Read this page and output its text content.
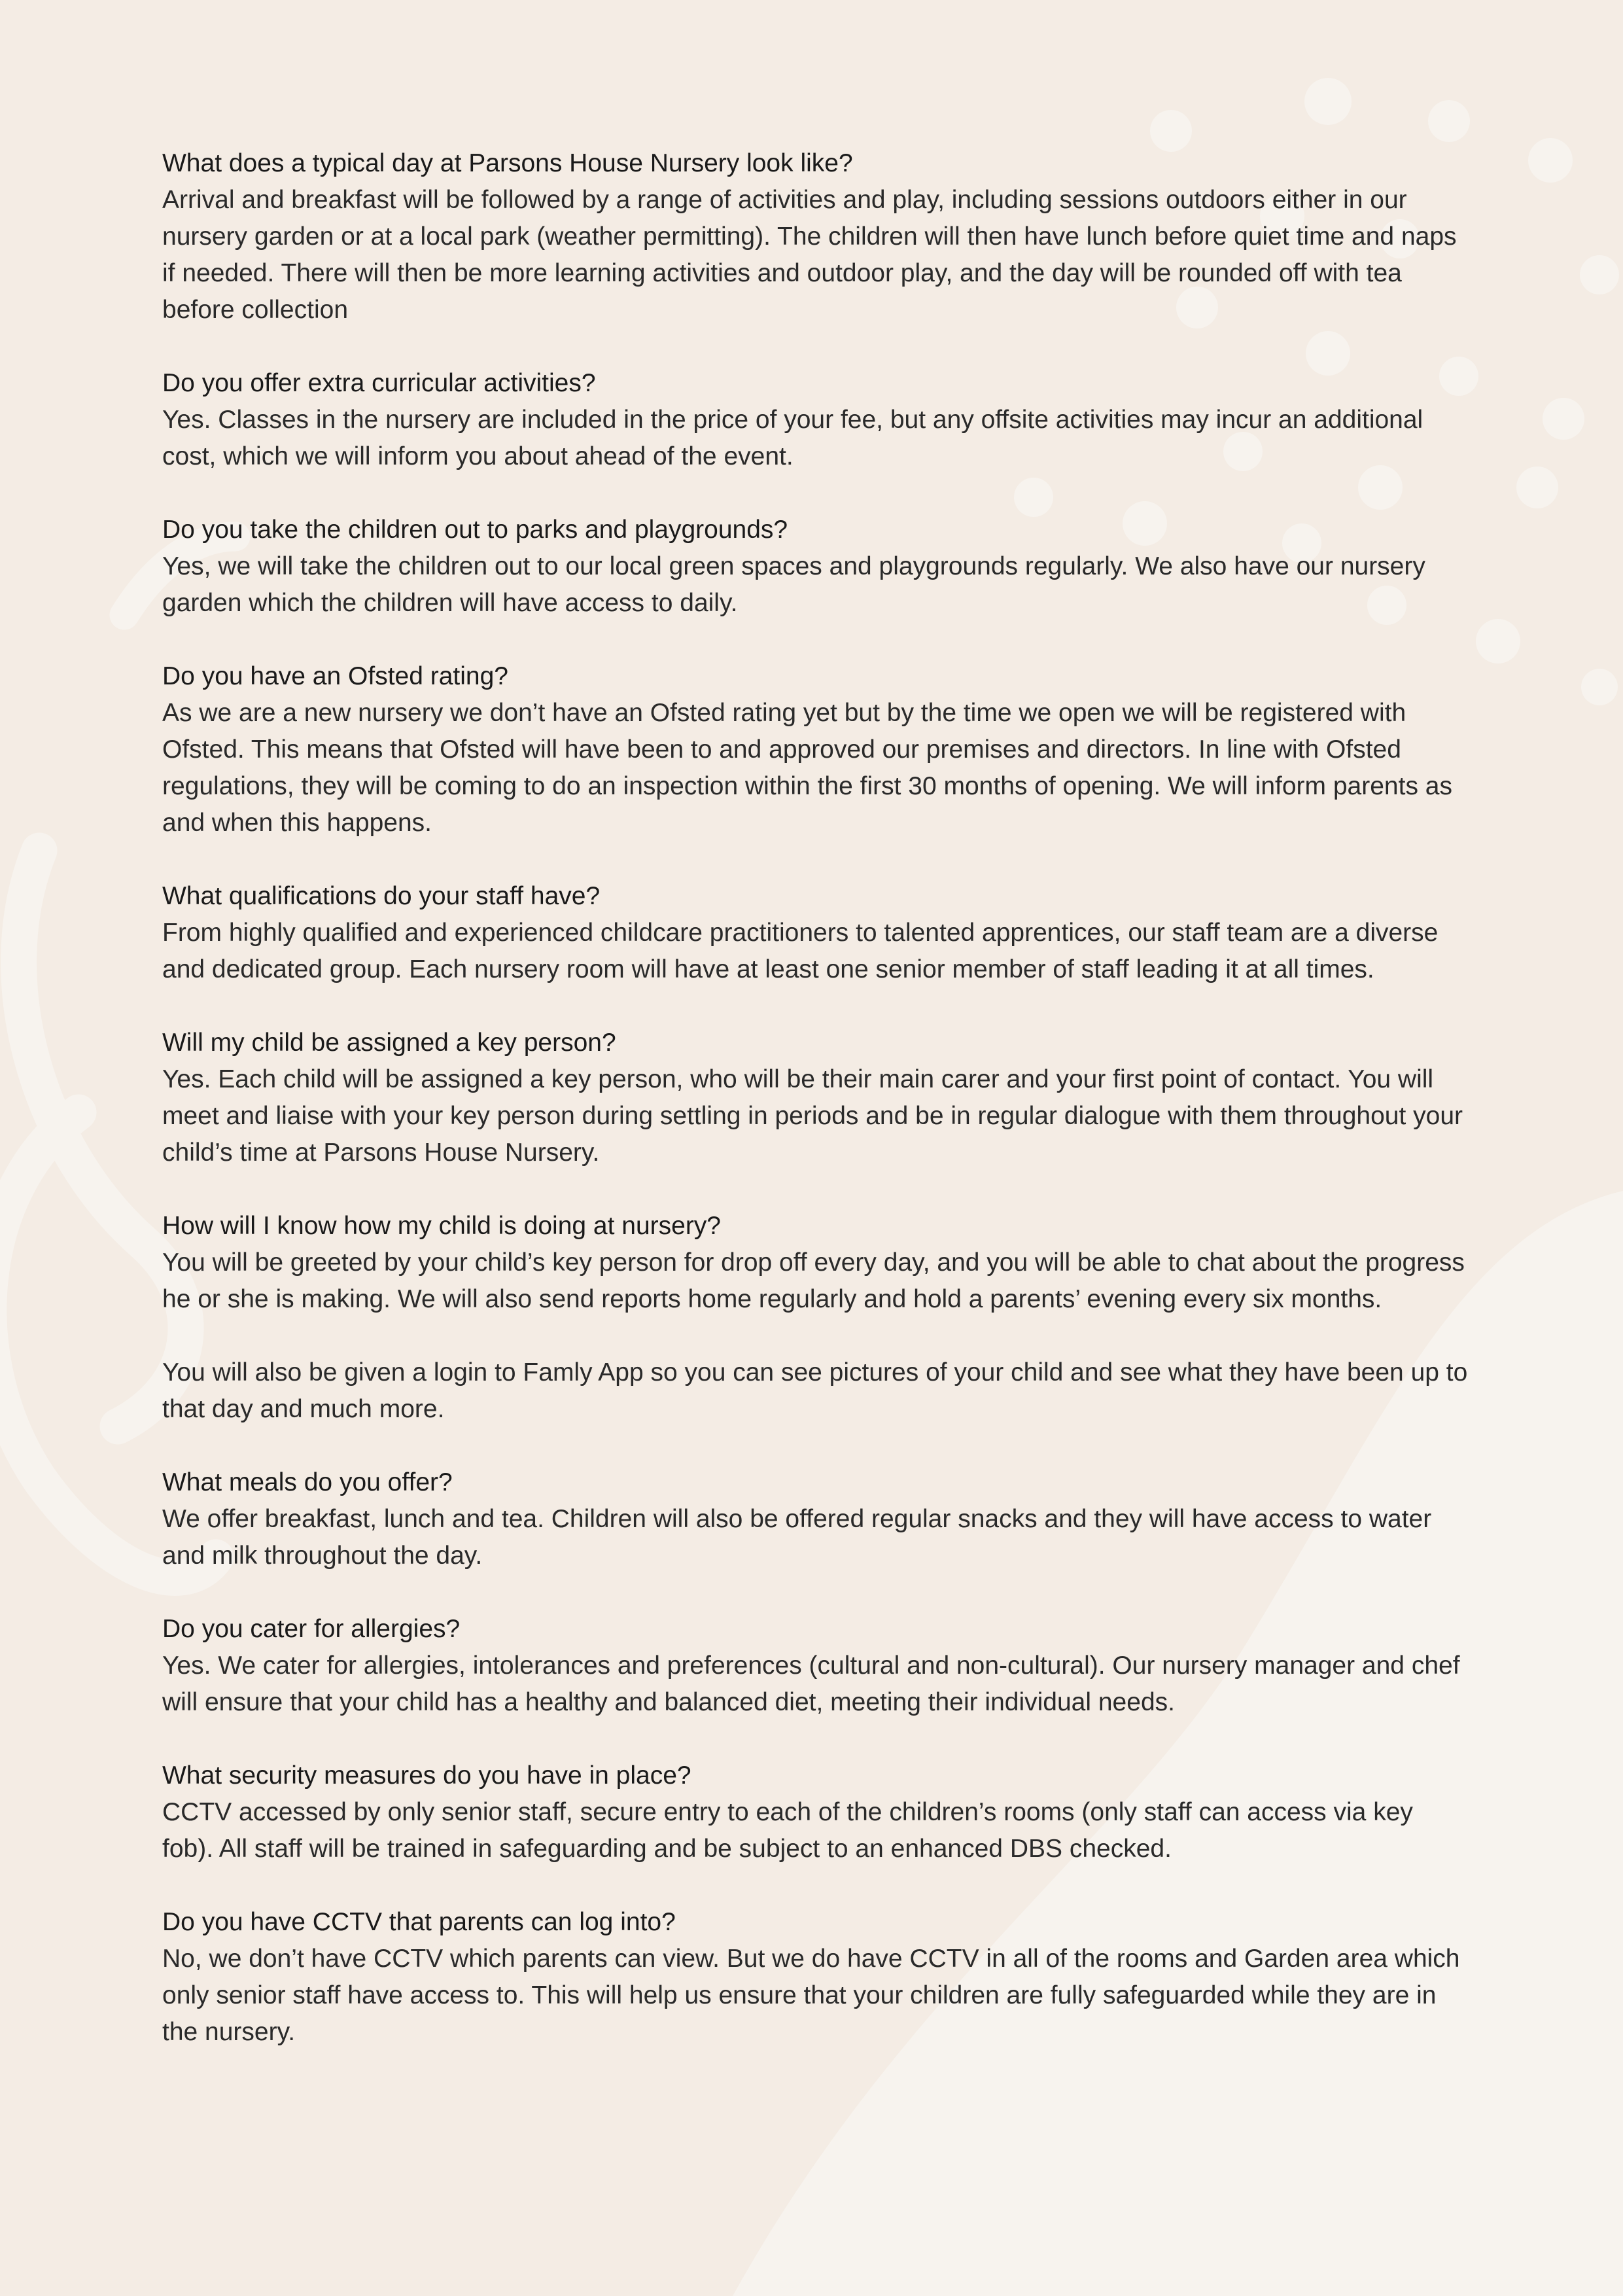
What does a typical day at Parsons House Nursery look like?

Arrival and breakfast will be followed by a range of activities and play, including sessions outdoors either in our nursery garden or at a local park (weather permitting). The children will then have lunch before quiet time and naps if needed. There will then be more learning activities and outdoor play, and the day will be rounded off with tea before collection

Do you offer extra curricular activities?

Yes. Classes in the nursery are included in the price of your fee, but any offsite activities may incur an additional cost, which we will inform you about ahead of the event.

Do you take the children out to parks and playgrounds?

Yes, we will take the children out to our local green spaces and playgrounds regularly. We also have our nursery garden which the children will have access to daily.

Do you have an Ofsted rating?

As we are a new nursery we don’t have an Ofsted rating yet but by the time we open we will be registered with Ofsted. This means that Ofsted will have been to and approved our premises and directors. In line with Ofsted regulations, they will be coming to do an inspection within the first 30 months of opening. We will inform parents as and when this happens.

What qualifications do your staff have?

From highly qualified and experienced childcare practitioners to talented apprentices, our staff team are a diverse and dedicated group. Each nursery room will have at least one senior member of staff leading it at all times.

Will my child be assigned a key person?

Yes. Each child will be assigned a key person, who will be their main carer and your first point of contact. You will meet and liaise with your key person during settling in periods and be in regular dialogue with them throughout your child’s time at Parsons House Nursery.

How will I know how my child is doing at nursery?

You will be greeted by your child’s key person for drop off every day, and you will be able to chat about the progress he or she is making. We will also send reports home regularly and hold a parents’ evening every six months.

You will also be given a login to Famly App so you can see pictures of your child and see what they have been up to that day and much more.

What meals do you offer?

We offer breakfast, lunch and tea. Children will also be offered regular snacks and they will have access to water and milk throughout the day.

Do you cater for allergies?

Yes. We cater for allergies, intolerances and preferences (cultural and non-cultural). Our nursery manager and chef will ensure that your child has a healthy and balanced diet, meeting their individual needs.

What security measures do you have in place?

CCTV accessed by only senior staff, secure entry to each of the children’s rooms (only staff can access via key fob). All staff will be trained in safeguarding and be subject to an enhanced DBS checked.

Do you have CCTV that parents can log into?

No, we don’t have CCTV which parents can view. But we do have CCTV in all of the rooms and Garden area which only senior staff have access to. This will help us ensure that your children are fully safeguarded while they are in the nursery.
